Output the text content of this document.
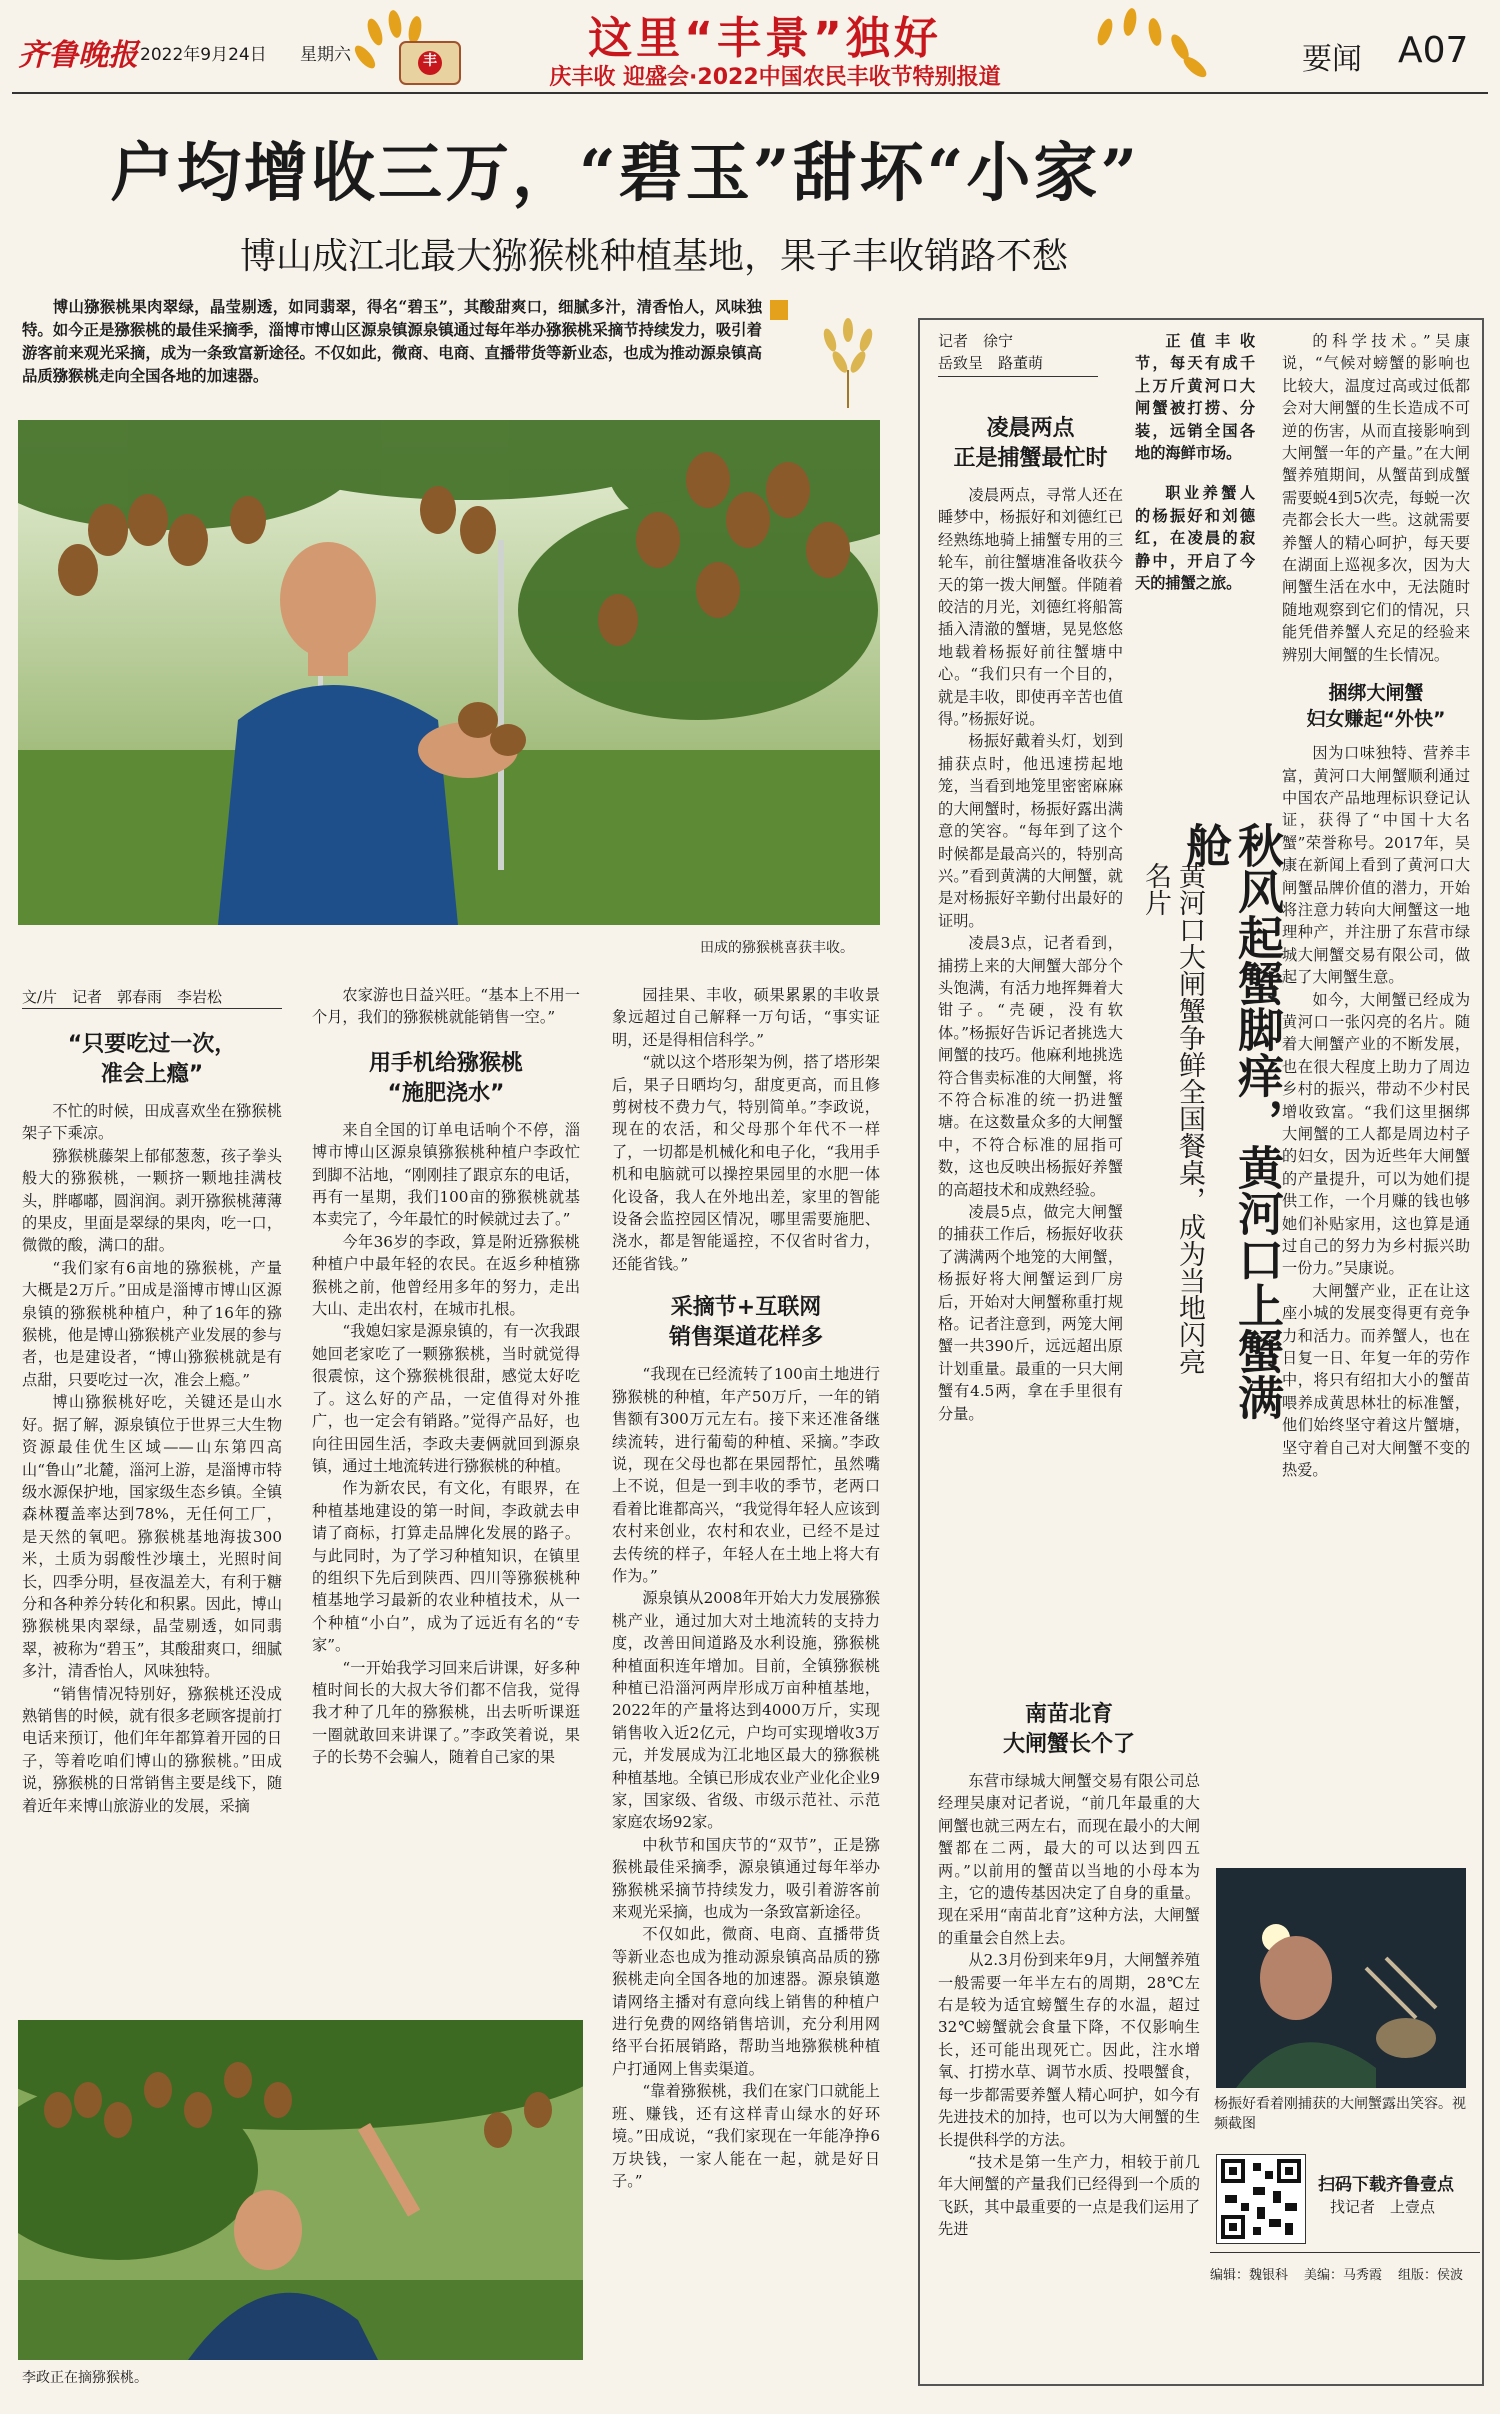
齐鲁晚报 2022年9月24日 星期六	丰	这里“丰景”独好
庆丰收 迎盛会·2022中国农民丰收节特别报道
要闻 A07
户均增收三万，“碧玉”甜坏“小家”
博山成江北最大猕猴桃种植基地，果子丰收销路不愁

博山猕猴桃果肉翠绿，晶莹剔透，如同翡翠，得名“碧玉”，其酸甜爽口，细腻多汁，清香怡人，风味独特。如今正是猕猴桃的最佳采摘季，淄博市博山区源泉镇源泉镇通过每年举办猕猴桃采摘节持续发力，吸引着游客前来观光采摘，成为一条致富新途径。不仅如此，微商、电商、直播带货等新业态，也成为推动源泉镇高品质猕猴桃走向全国各地的加速器。

田成的猕猴桃喜获丰收。
文/片　记者　郭春雨　李岩松
“只要吃过一次，
准会上瘾”

不忙的时候，田成喜欢坐在猕猴桃架子下乘凉。

猕猴桃藤架上郁郁葱葱，孩子拳头般大的猕猴桃，一颗挤一颗地挂满枝头，胖嘟嘟，圆润润。剥开猕猴桃薄薄的果皮，里面是翠绿的果肉，吃一口，微微的酸，满口的甜。

“我们家有6亩地的猕猴桃，产量大概是2万斤。”田成是淄博市博山区源泉镇的猕猴桃种植户，种了16年的猕猴桃，他是博山猕猴桃产业发展的参与者，也是建设者，“博山猕猴桃就是有点甜，只要吃过一次，准会上瘾。”

博山猕猴桃好吃，关键还是山水好。据了解，源泉镇位于世界三大生物资源最佳优生区域——山东第四高山“鲁山”北麓，淄河上游，是淄博市特级水源保护地，国家级生态乡镇。全镇森林覆盖率达到78%，无任何工厂，是天然的氧吧。猕猴桃基地海拔300米，土质为弱酸性沙壤土，光照时间长，四季分明，昼夜温差大，有利于糖分和各种养分转化和积累。因此，博山猕猴桃果肉翠绿，晶莹剔透，如同翡翠，被称为“碧玉”，其酸甜爽口，细腻多汁，清香怡人，风味独特。

“销售情况特别好，猕猴桃还没成熟销售的时候，就有很多老顾客提前打电话来预订，他们年年都算着开园的日子，等着吃咱们博山的猕猴桃。”田成说，猕猴桃的日常销售主要是线下，随着近年来博山旅游业的发展，采摘

农家游也日益兴旺。“基本上不用一个月，我们的猕猴桃就能销售一空。”

用手机给猕猴桃
“施肥浇水”

来自全国的订单电话响个不停，淄博市博山区源泉镇猕猴桃种植户李政忙到脚不沾地，“刚刚挂了跟京东的电话，再有一星期，我们100亩的猕猴桃就基本卖完了，今年最忙的时候就过去了。”

今年36岁的李政，算是附近猕猴桃种植户中最年轻的农民。在返乡种植猕猴桃之前，他曾经用多年的努力，走出大山、走出农村，在城市扎根。

“我媳妇家是源泉镇的，有一次我跟她回老家吃了一颗猕猴桃，当时就觉得很震惊，这个猕猴桃很甜，感觉太好吃了。这么好的产品，一定值得对外推广，也一定会有销路。”觉得产品好，也向往田园生活，李政夫妻俩就回到源泉镇，通过土地流转进行猕猴桃的种植。

作为新农民，有文化，有眼界，在种植基地建设的第一时间，李政就去申请了商标，打算走品牌化发展的路子。与此同时，为了学习种植知识，在镇里的组织下先后到陕西、四川等猕猴桃种植基地学习最新的农业种植技术，从一个种植“小白”，成为了远近有名的“专家”。

“一开始我学习回来后讲课，好多种植时间长的大叔大爷们都不信我，觉得我才种了几年的猕猴桃，出去听听课逛一圈就敢回来讲课了。”李政笑着说，果子的长势不会骗人，随着自己家的果

园挂果、丰收，硕果累累的丰收景象远超过自己解释一万句话，“事实证明，还是得相信科学。”

“就以这个塔形架为例，搭了塔形架后，果子日晒均匀，甜度更高，而且修剪树枝不费力气，特别简单。”李政说，现在的农活，和父母那个年代不一样了，一切都是机械化和电子化，“我用手机和电脑就可以操控果园里的水肥一体化设备，我人在外地出差，家里的智能设备会监控园区情况，哪里需要施肥、浇水，都是智能遥控，不仅省时省力，还能省钱。”

采摘节+互联网
销售渠道花样多

“我现在已经流转了100亩土地进行猕猴桃的种植，年产50万斤，一年的销售额有300万元左右。接下来还准备继续流转，进行葡萄的种植、采摘。”李政说，现在父母也都在果园帮忙，虽然嘴上不说，但是一到丰收的季节，老两口看着比谁都高兴，“我觉得年轻人应该到农村来创业，农村和农业，已经不是过去传统的样子，年轻人在土地上将大有作为。”

源泉镇从2008年开始大力发展猕猴桃产业，通过加大对土地流转的支持力度，改善田间道路及水利设施，猕猴桃种植面积连年增加。目前，全镇猕猴桃种植已沿淄河两岸形成万亩种植基地，2022年的产量将达到4000万斤，实现销售收入近2亿元，户均可实现增收3万元，并发展成为江北地区最大的猕猴桃种植基地。全镇已形成农业产业化企业9家，国家级、省级、市级示范社、示范家庭农场92家。

中秋节和国庆节的“双节”，正是猕猴桃最佳采摘季，源泉镇通过每年举办猕猴桃采摘节持续发力，吸引着游客前来观光采摘，也成为一条致富新途径。

不仅如此，微商、电商、直播带货等新业态也成为推动源泉镇高品质的猕猴桃走向全国各地的加速器。源泉镇邀请网络主播对有意向线上销售的种植户进行免费的网络销售培训，充分利用网络平台拓展销路，帮助当地猕猴桃种植户打通网上售卖渠道。

“靠着猕猴桃，我们在家门口就能上班、赚钱，还有这样青山绿水的好环境。”田成说，“我们家现在一年能净挣6万块钱，一家人能在一起，就是好日子。”

李政正在摘猕猴桃。
记者　徐宁
岳致呈　路董萌

正值丰收节，每天有成千上万斤黄河口大闸蟹被打捞、分装，远销全国各地的海鲜市场。

职业养蟹人的杨振好和刘德红，在凌晨的寂静中，开启了今天的捕蟹之旅。

秋风起蟹脚痒，黄河口上蟹满舱
黄河口大闸蟹争鲜全国餐桌，成为当地闪亮名片
凌晨两点
正是捕蟹最忙时

凌晨两点，寻常人还在睡梦中，杨振好和刘德红已经熟练地骑上捕蟹专用的三轮车，前往蟹塘准备收获今天的第一拨大闸蟹。伴随着皎洁的月光，刘德红将船篙插入清澈的蟹塘，晃晃悠悠地载着杨振好前往蟹塘中心。“我们只有一个目的，就是丰收，即使再辛苦也值得。”杨振好说。

杨振好戴着头灯，划到捕获点时，他迅速捞起地笼，当看到地笼里密密麻麻的大闸蟹时，杨振好露出满意的笑容。“每年到了这个时候都是最高兴的，特别高兴。”看到黄满的大闸蟹，就是对杨振好辛勤付出最好的证明。

凌晨3点，记者看到，捕捞上来的大闸蟹大部分个头饱满，有活力地挥舞着大钳子。“壳硬，没有软体。”杨振好告诉记者挑选大闸蟹的技巧。他麻利地挑选符合售卖标准的大闸蟹，将不符合标准的统一扔进蟹塘。在这数量众多的大闸蟹中，不符合标准的屈指可数，这也反映出杨振好养蟹的高超技术和成熟经验。

凌晨5点，做完大闸蟹的捕获工作后，杨振好收获了满满两个地笼的大闸蟹，杨振好将大闸蟹运到厂房后，开始对大闸蟹称重打规格。记者注意到，两笼大闸蟹一共390斤，远远超出原计划重量。最重的一只大闸蟹有4.5两，拿在手里很有分量。

南苗北育
大闸蟹长个了

东营市绿城大闸蟹交易有限公司总经理吴康对记者说，“前几年最重的大闸蟹也就三两左右，而现在最小的大闸蟹都在二两，最大的可以达到四五两。”以前用的蟹苗以当地的小母本为主，它的遗传基因决定了自身的重量。现在采用“南苗北育”这种方法，大闸蟹的重量会自然上去。

从2.3月份到来年9月，大闸蟹养殖一般需要一年半左右的周期，28℃左右是较为适宜螃蟹生存的水温，超过32℃螃蟹就会食量下降，不仅影响生长，还可能出现死亡。因此，注水增氧、打捞水草、调节水质、投喂蟹食，每一步都需要养蟹人精心呵护，如今有先进技术的加持，也可以为大闸蟹的生长提供科学的方法。

“技术是第一生产力，相较于前几年大闸蟹的产量我们已经得到一个质的飞跃，其中最重要的一点是我们运用了先进

的科学技术。”吴康说，“气候对螃蟹的影响也比较大，温度过高或过低都会对大闸蟹的生长造成不可逆的伤害，从而直接影响到大闸蟹一年的产量。”在大闸蟹养殖期间，从蟹苗到成蟹需要蜕4到5次壳，每蜕一次壳都会长大一些。这就需要养蟹人的精心呵护，每天要在湖面上巡视多次，因为大闸蟹生活在水中，无法随时随地观察到它们的情况，只能凭借养蟹人充足的经验来辨别大闸蟹的生长情况。

捆绑大闸蟹
妇女赚起“外快”

因为口味独特、营养丰富，黄河口大闸蟹顺利通过中国农产品地理标识登记认证，获得了“中国十大名蟹”荣誉称号。2017年，吴康在新闻上看到了黄河口大闸蟹品牌价值的潜力，开始将注意力转向大闸蟹这一地理种产，并注册了东营市绿城大闸蟹交易有限公司，做起了大闸蟹生意。

如今，大闸蟹已经成为黄河口一张闪亮的名片。随着大闸蟹产业的不断发展，也在很大程度上助力了周边乡村的振兴，带动不少村民增收致富。“我们这里捆绑大闸蟹的工人都是周边村子的妇女，因为近些年大闸蟹的产量提升，可以为她们提供工作，一个月赚的钱也够她们补贴家用，这也算是通过自己的努力为乡村振兴助一份力。”吴康说。

大闸蟹产业，正在让这座小城的发展变得更有竞争力和活力。而养蟹人，也在日复一日、年复一年的劳作中，将只有绍扣大小的蟹苗喂养成黄思林壮的标准蟹，他们始终坚守着这片蟹塘，坚守着自己对大闸蟹不变的热爱。

杨振好看着刚捕获的大闸蟹露出笑容。视频截图
扫码下载齐鲁壹点
找记者　上壹点
编辑：魏银科 美编：马秀霞 组版：侯波
